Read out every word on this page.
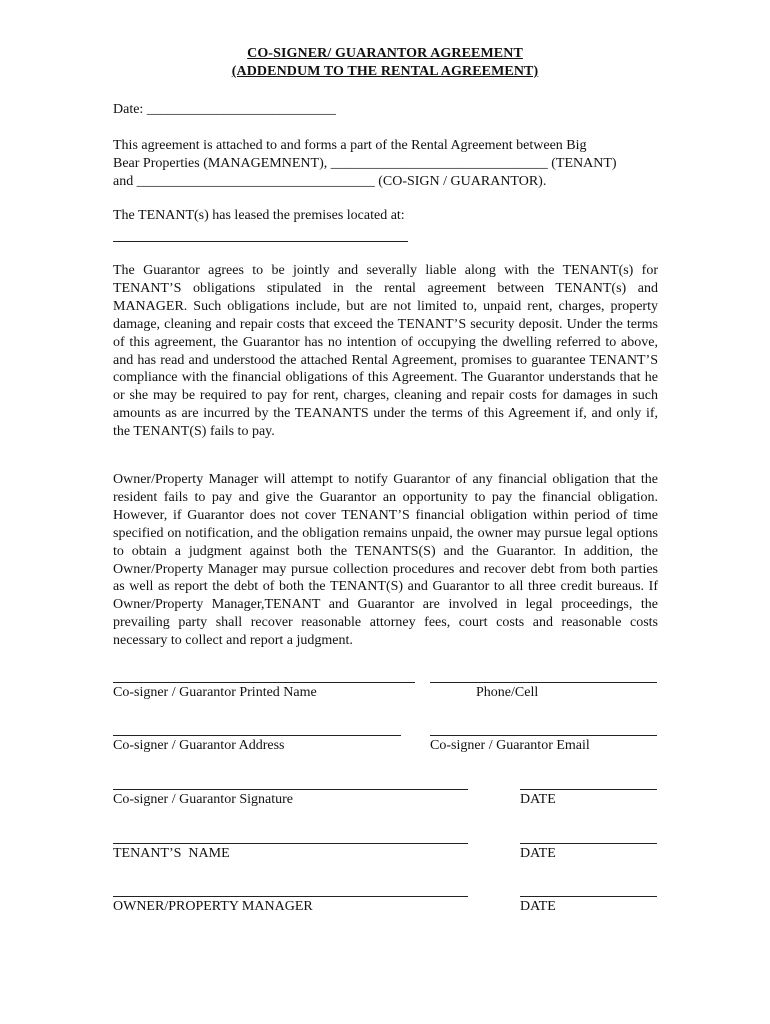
CO-SIGNER/ GUARANTOR AGREEMENT
(ADDENDUM TO THE RENTAL AGREEMENT)
Date: ___________________________
This agreement is attached to and forms a part of the Rental Agreement between Big
Bear Properties (MANAGEMNENT), _______________________________ (TENANT)
and __________________________________ (CO-SIGN / GUARANTOR).
The TENANT(s) has leased the premises located at:
The Guarantor agrees to be jointly and severally liable along with the TENANT(s) for TENANT’S obligations stipulated in the rental agreement between TENANT(s) and MANAGER. Such obligations include, but are not limited to, unpaid rent, charges, property damage, cleaning and repair costs that exceed the TENANT’S security deposit. Under the terms of this agreement, the Guarantor has no intention of occupying the dwelling referred to above, and has read and understood the attached Rental Agreement, promises to guarantee TENANT’S compliance with the financial obligations of this Agreement. The Guarantor understands that he or she may be required to pay for rent, charges, cleaning and repair costs for damages in such amounts as are incurred by the TEANANTS under the terms of this Agreement if, and only if, the TENANT(S) fails to pay.
Owner/Property Manager will attempt to notify Guarantor of any financial obligation that the resident fails to pay and give the Guarantor an opportunity to pay the financial obligation. However, if Guarantor does not cover TENANT’S financial obligation within period of time specified on notification, and the obligation remains unpaid, the owner may pursue legal options to obtain a judgment against both the TENANTS(S) and the Guarantor. In addition, the Owner/Property Manager may pursue collection procedures and recover debt from both parties as well as report the debt of both the TENANT(S) and Guarantor to all three credit bureaus. If Owner/Property Manager,TENANT and Guarantor are involved in legal proceedings, the prevailing party shall recover reasonable attorney fees, court costs and reasonable costs necessary to collect and report a judgment.
Co-signer / Guarantor Printed Name	Phone/Cell
Co-signer / Guarantor Address	Co-signer / Guarantor Email
Co-signer / Guarantor Signature	DATE
TENANT’S  NAME	DATE
OWNER/PROPERTY MANAGER	DATE
